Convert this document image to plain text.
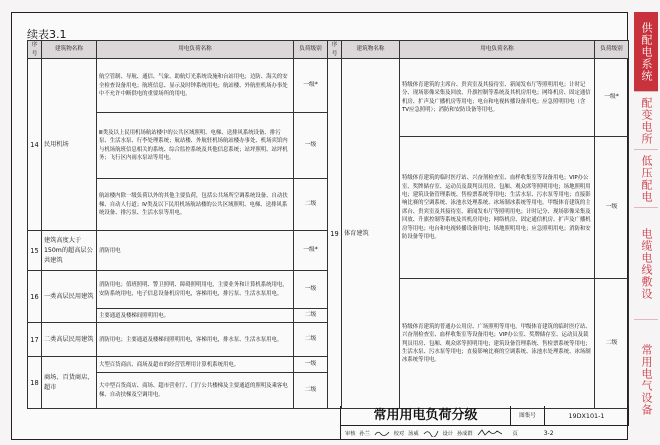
续表3.1
序号	建筑物名称	用电负荷名称	负荷级别
14	民用机场	航空管制、导航、通信、气象、助航灯光系统设施和台站用电；边防、海关的安全检查设备用电；航班信息、显示及时钟系统用电；航站楼、外航驻机场办事处中不允许中断供电的重要场所的用电。	一级*
		Ⅲ类及以上民用机场航站楼中的公共区域照明、电梯、送排风系统设备、排污泵、生活水泵、行李处理系统；航站楼、外航驻机场航站楼办事处、机场宾馆内与机场航班信息相关的系统、综合监控系统及其他信息系统；站坪照明、站坪机务；飞行区内雨水泵站等用电。	一级
		航站楼内除一级负荷以外的其他主要负荷，包括公共场所空调系统设备、自动扶梯、自动人行道；Ⅳ类及以下民用机场航站楼的公共区域照明、电梯、送排风系统设备、排污泵、生活水泵等用电。	二级
15	建筑高度大于150m的超高层公共建筑	消防用电	一级*
16	一类高层民用建筑	消防用电；值班照明、警卫照明、障碍照明用电，主要业务和计算机系统用电，安防系统用电，电子信息设备机房用电，客梯用电，排污泵、生活水泵用电。	一级
		主要通道及楼梯间照明用电。	二级
17	二类高层民用建筑	消防用电；主要通道及楼梯间照明用电，客梯用电，排水泵、生活水泵用电。	二级
18	商场、百货商店、超市	大型百货商店、商场及超市的经营管理用计算机系统用电。	一级
		大中型百货商店、商场、超市营业厅、门厅公共楼梯及主要通道的照明及乘客电梯、自动扶梯及空调用电。	二级
序号	建筑物名称	用电负荷名称	负荷级别
19	体育建筑	特级体育建筑的主席台、贵宾室及其接待室、新闻发布厅等照明用电；计时记分、现场影像采集及回放、升旗控制等系统及其机房用电；网络机房、固定通信机房、扩声及广播机房等用电；电台和电视转播设备用电；应急照明用电（含TV应急照明）；消防和安防设备等用电。	一级*
		特级体育建筑的临时医疗站、兴奋剂检查室、血样收集室等设备用电；VIP办公室、奖牌储存室、运动员及裁判员用房、包厢、观众席等照明用电；场地照明用电；建筑设备管理系统、售检票系统等用电；生活水泵、污水泵等用电；直接影响比赛的空调系统、泳池水处理系统、冰场制冰系统等用电。甲级体育建筑的主席台、贵宾室及其接待室、新闻发布厅等照明用电；计时记分、现场影像采集及回放、升旗控制等系统及其机房用电；网络机房、固定通信机房、扩声及广播机房等用电；电台和电视转播设备用电；场地照明用电；应急照明用电；消防和安防设备等用电。	一级
		特级体育建筑的普通办公用房、广场照明等用电。甲级体育建筑的临时医疗站、兴奋剂检查室、血样收集室等设备用电；VIP办公室、奖牌储存室、运动员及裁判员用房、包厢、观众席等照明用电；建筑设备管理系统、售检票系统等用电；生活水泵、污水泵等用电；直接影响比赛的空调系统、泳池水处理系统、冰场制冰系统等用电。	二级
常用用电负荷分级	图集号	19DX101-1
审核 孙兰	校对 汤威	设计 孙成群	页	3-2
供配电系统
配变电所
低压配电
电缆电线敷设
常用电气设备
